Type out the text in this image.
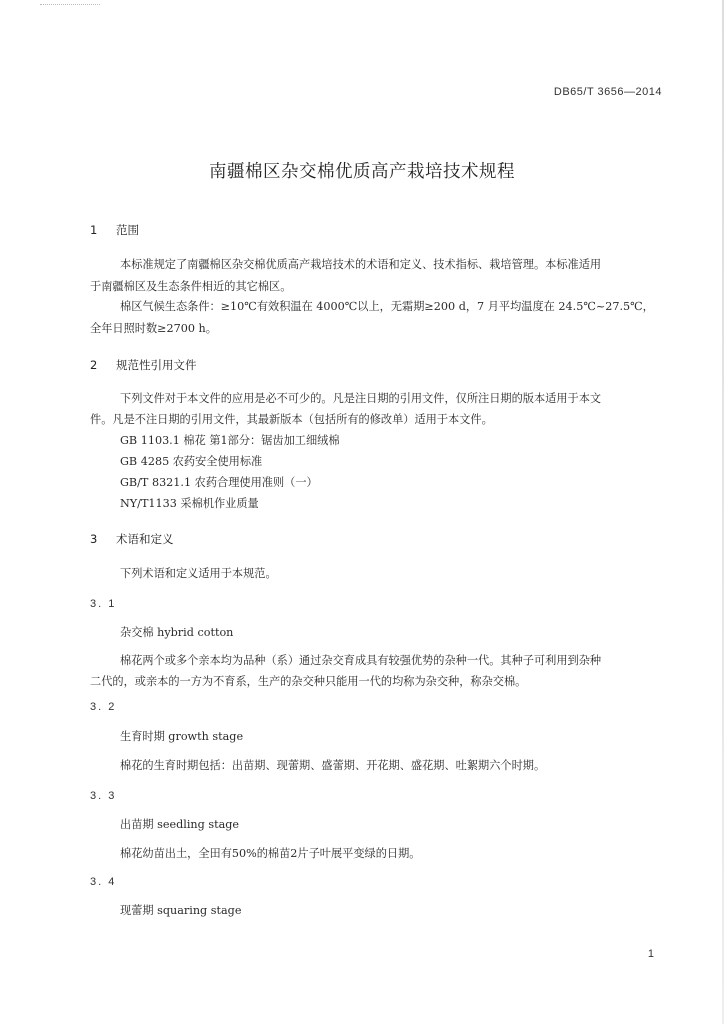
DB65/T 3656—2014
南疆棉区杂交棉优质高产栽培技术规程
1 范围
本标准规定了南疆棉区杂交棉优质高产栽培技术的术语和定义、技术指标、栽培管理。本标准适用
于南疆棉区及生态条件相近的其它棉区。
棉区气候生态条件：≥10℃有效积温在 4000℃以上，无霜期≥200 d，7 月平均温度在 24.5℃~27.5℃，
全年日照时数≥2700 h。
2 规范性引用文件
下列文件对于本文件的应用是必不可少的。凡是注日期的引用文件，仅所注日期的版本适用于本文
件。凡是不注日期的引用文件，其最新版本（包括所有的修改单）适用于本文件。
GB 1103.1 棉花 第1部分：锯齿加工细绒棉
GB 4285 农药安全使用标准
GB/T 8321.1 农药合理使用准则（一）
NY/T1133 采棉机作业质量
3 术语和定义
下列术语和定义适用于本规范。
3. 1
杂交棉 hybrid cotton
棉花两个或多个亲本均为品种（系）通过杂交育成具有较强优势的杂种一代。其种子可利用到杂种
二代的，或亲本的一方为不育系，生产的杂交种只能用一代的均称为杂交种，称杂交棉。
3. 2
生育时期 growth stage
棉花的生育时期包括：出苗期、现蕾期、盛蕾期、开花期、盛花期、吐絮期六个时期。
3. 3
出苗期 seedling stage
棉花幼苗出土，全田有50%的棉苗2片子叶展平变绿的日期。
3. 4
现蕾期 squaring stage
1
